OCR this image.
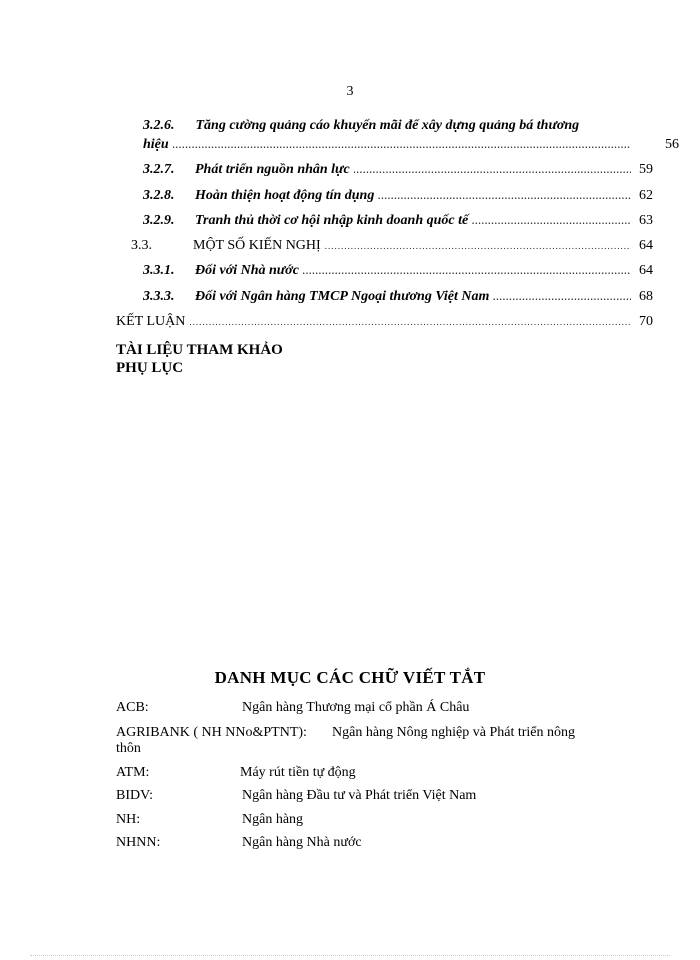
3
3.2.6. Tăng cường quảng cáo khuyến mãi để xây dựng quảng bá thương
hiệu .....	56
3.2.7.	Phát triển nguồn nhân lực .....	59
3.2.8.	Hoàn thiện hoạt động tín dụng .....	62
3.2.9.	Tranh thủ thời cơ hội nhập kinh doanh quốc tế .....	63
3.3.	MỘT SỐ KIẾN NGHỊ .....	64
3.3.1.	Đối với Nhà nước .....	64
3.3.3.	Đối với Ngân hàng TMCP Ngoại thương Việt Nam .....	68
KẾT LUẬN .....	70
TÀI LIỆU THAM KHẢO
PHỤ LỤC
DANH MỤC CÁC CHỮ VIẾT TẮT
ACB:	Ngân hàng Thương mại cổ phần Á Châu
AGRIBANK ( NH NNo&PTNT): Ngân hàng Nông nghiệp và Phát triển nông
thôn
ATM:	Máy rút tiền tự động
BIDV:	Ngân hàng Đầu tư và Phát triển Việt Nam
NH:	Ngân hàng
NHNN:	Ngân hàng Nhà nước
